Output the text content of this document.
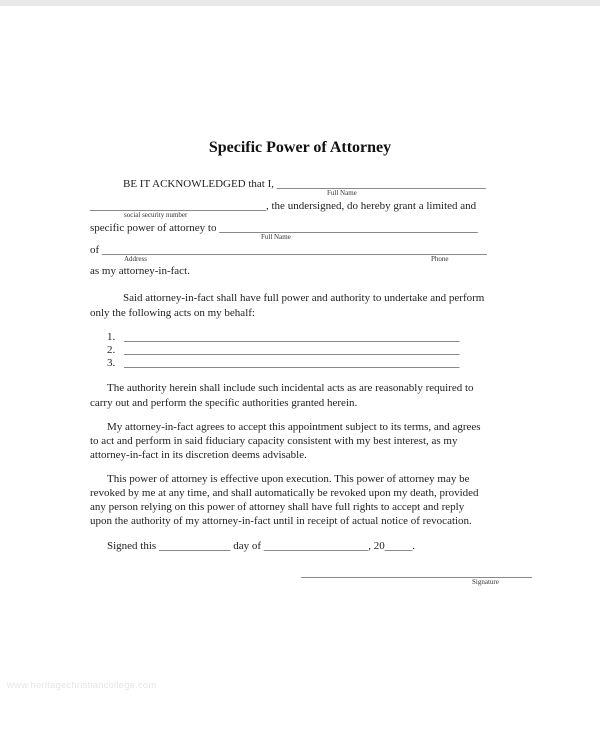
Specific Power of Attorney
BE IT ACKNOWLEDGED that I, ______________________________________
Full Name
________________________________, the undersigned, do hereby grant a limited and
social security number
specific power of attorney to _______________________________________________
Full Name
of ______________________________________________________________________
Address	Phone
as my attorney-in-fact.
Said attorney-in-fact shall have full power and authority to undertake and perform
only the following acts on my behalf:
1. _____________________________________________________________
2. _____________________________________________________________
3. _____________________________________________________________
The authority herein shall include such incidental acts as are reasonably required to
carry out and perform the specific authorities granted herein.
My attorney-in-fact agrees to accept this appointment subject to its terms, and agrees
to act and perform in said fiduciary capacity consistent with my best interest, as my
attorney-in-fact in its discretion deems advisable.
This power of attorney is effective upon execution. This power of attorney may be
revoked by me at any time, and shall automatically be revoked upon my death, provided
any person relying on this power of attorney shall have full rights to accept and reply
upon the authority of my attorney-in-fact until in receipt of actual notice of revocation.
Signed this _____________ day of ___________________, 20_____.
__________________________________________
Signature
www.heritagechristiancollege.com
